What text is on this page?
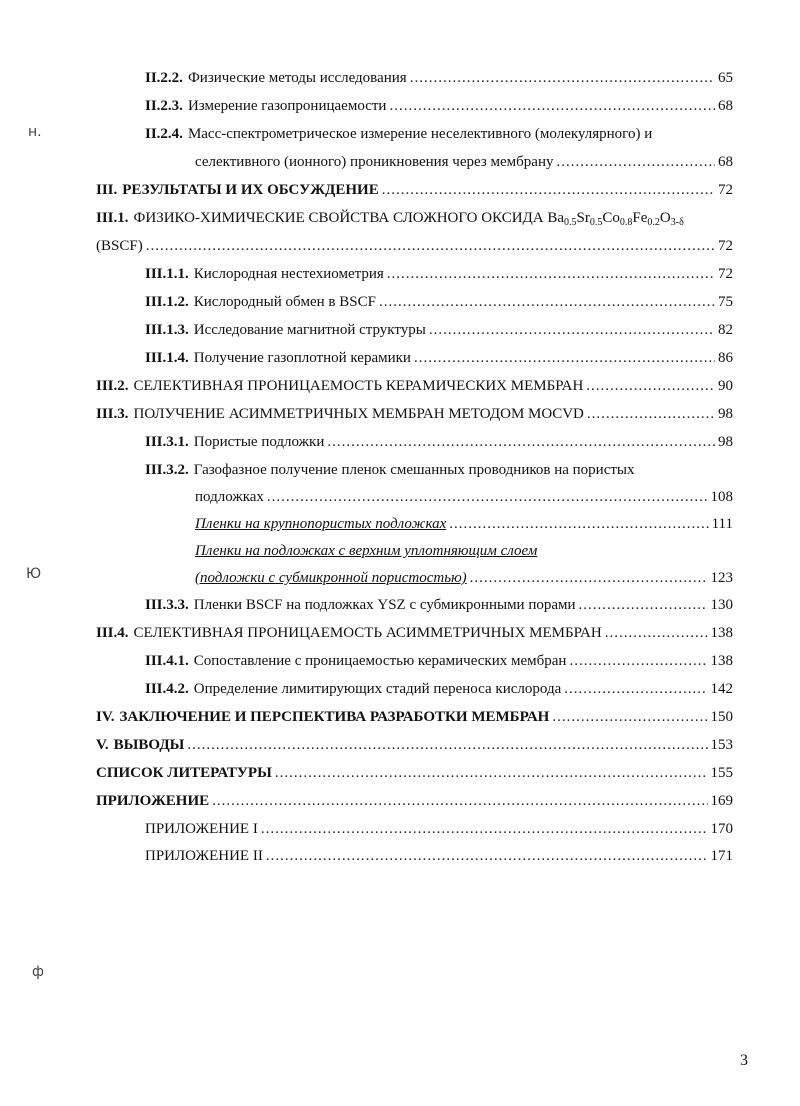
II.2.2. Физические методы исследования .....	65
II.2.3. Измерение газопроницаемости .....	68
II.2.4. Масс-спектрометрическое измерение неселективного (молекулярного) и
селективного (ионного) проникновения через мембрану .....	68
III. РЕЗУЛЬТАТЫ И ИХ ОБСУЖДЕНИЕ .....	72
III.1. ФИЗИКО-ХИМИЧЕСКИЕ СВОЙСТВА СЛОЖНОГО ОКСИДА $Ba_{0.5}Sr_{0.5}Co_{0.8}Fe_{0.2}O_{3-\delta}$
(BSCF) .....	72
III.1.1. Кислородная нестехиометрия .....	72
III.1.2. Кислородный обмен в BSCF .....	75
III.1.3. Исследование магнитной структуры .....	82
III.1.4. Получение газоплотной керамики .....	86
III.2. СЕЛЕКТИВНАЯ ПРОНИЦАЕМОСТЬ КЕРАМИЧЕСКИХ МЕМБРАН .....	90
III.3. ПОЛУЧЕНИЕ АСИММЕТРИЧНЫХ МЕМБРАН МЕТОДОМ MOCVD .....	98
III.3.1. Пористые подложки .....	98
III.3.2. Газофазное получение пленок смешанных проводников на пористых
подложках .....	108
Пленки на крупнопористых подложках .....	111
Пленки на подложках с верхним уплотняющим слоем
(подложки с субмикронной пористостью) .....	123
III.3.3. Пленки BSCF на подложках YSZ с субмикронными порами .....	130
III.4. СЕЛЕКТИВНАЯ ПРОНИЦАЕМОСТЬ АСИММЕТРИЧНЫХ МЕМБРАН .....	138
III.4.1. Сопоставление с проницаемостью керамических мембран .....	138
III.4.2. Определение лимитирующих стадий переноса кислорода .....	142
IV. ЗАКЛЮЧЕНИЕ И ПЕРСПЕКТИВА РАЗРАБОТКИ МЕМБРАН .....	150
V. ВЫВОДЫ .....	153
СПИСОК ЛИТЕРАТУРЫ .....	155
ПРИЛОЖЕНИЕ .....	169
ПРИЛОЖЕНИЕ I .....	170
ПРИЛОЖЕНИЕ II .....	171
н.
Ю
ф
3
